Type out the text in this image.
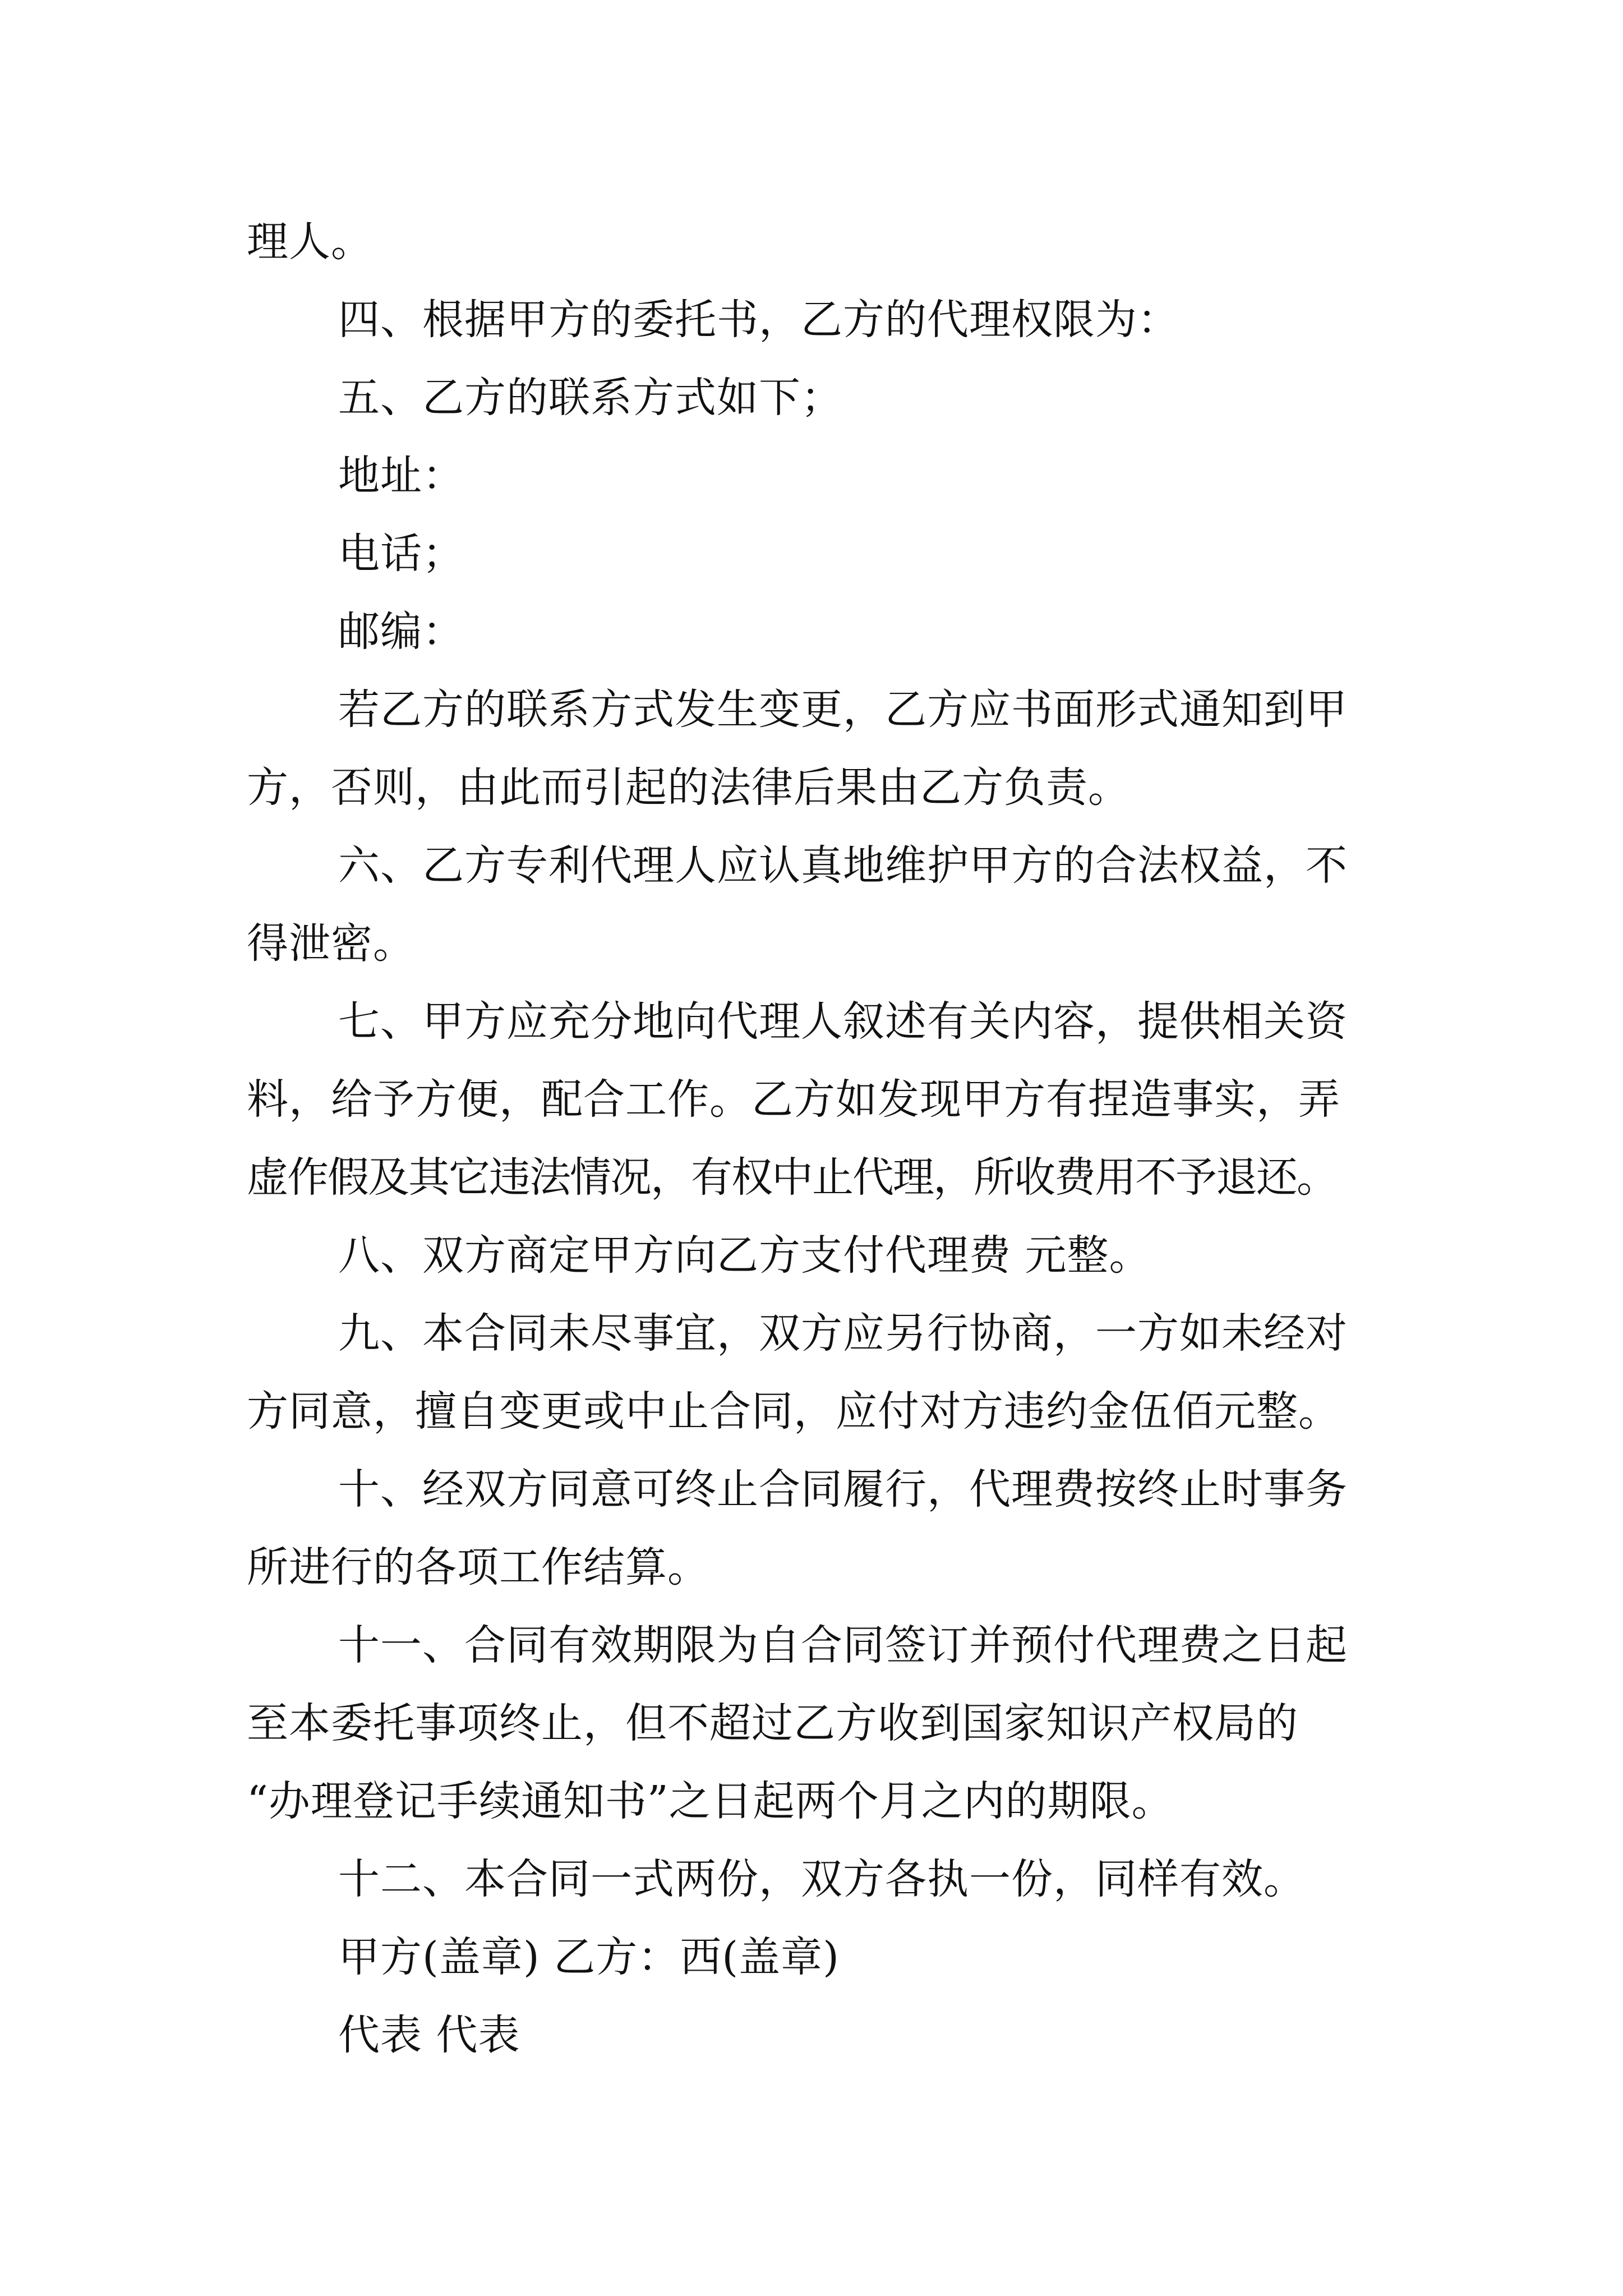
理人。
四、根据甲方的委托书，乙方的代理权限为：
五、乙方的联系方式如下；
地址：
电话；
邮编：
若乙方的联系方式发生变更，乙方应书面形式通知到甲
方，否则，由此而引起的法律后果由乙方负责。
六、乙方专利代理人应认真地维护甲方的合法权益，不
得泄密。
七、甲方应充分地向代理人叙述有关内容，提供相关资
料，给予方便，配合工作。乙方如发现甲方有捏造事实，弄
虚作假及其它违法情况，有权中止代理，所收费用不予退还。
八、双方商定甲方向乙方支付代理费 元整。
九、本合同未尽事宜，双方应另行协商，一方如未经对
方同意，擅自变更或中止合同，应付对方违约金伍佰元整。
十、经双方同意可终止合同履行，代理费按终止时事务
所进行的各项工作结算。
十一、合同有效期限为自合同签订并预付代理费之日起
至本委托事项终止，但不超过乙方收到国家知识产权局的
“办理登记手续通知书”之日起两个月之内的期限。
十二、本合同一式两份，双方各执一份，同样有效。
甲方(盖章) 乙方：西(盖章)
代表 代表
